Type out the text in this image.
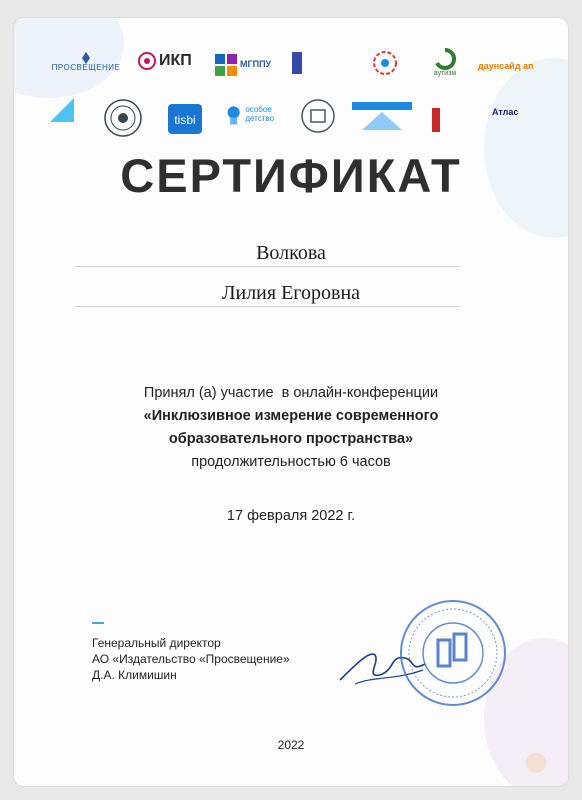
ПРОСВЕЩЕНИЕ ИКП	МГППУ
аутизм
даунсайд ап
tisbi
особое детство
Атлас
СЕРТИФИКАТ
Волкова
Лилия Егоровна
Принял (а) участие  в онлайн-конференции
«Инклюзивное измерение современного
образовательного пространства»
продолжительностью 6 часов
17 февраля 2022 г.
Генеральный директор
АО «Издательство «Просвещение»
Д.А. Климишин
2022
